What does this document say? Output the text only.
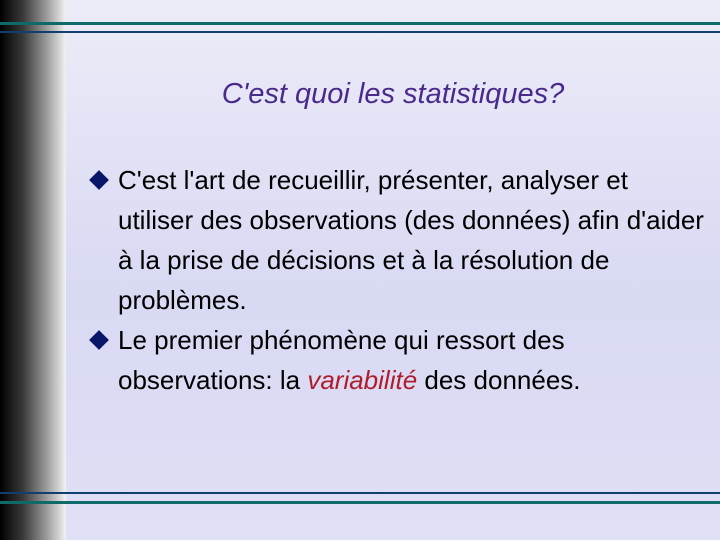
C'est quoi les statistiques?

C'est l'art de recueillir, présenter, analyser et utiliser des observations (des données) afin d'aider à la prise de décisions et à la résolution de problèmes.

Le premier phénomène qui ressort des observations: la variabilité des données.
